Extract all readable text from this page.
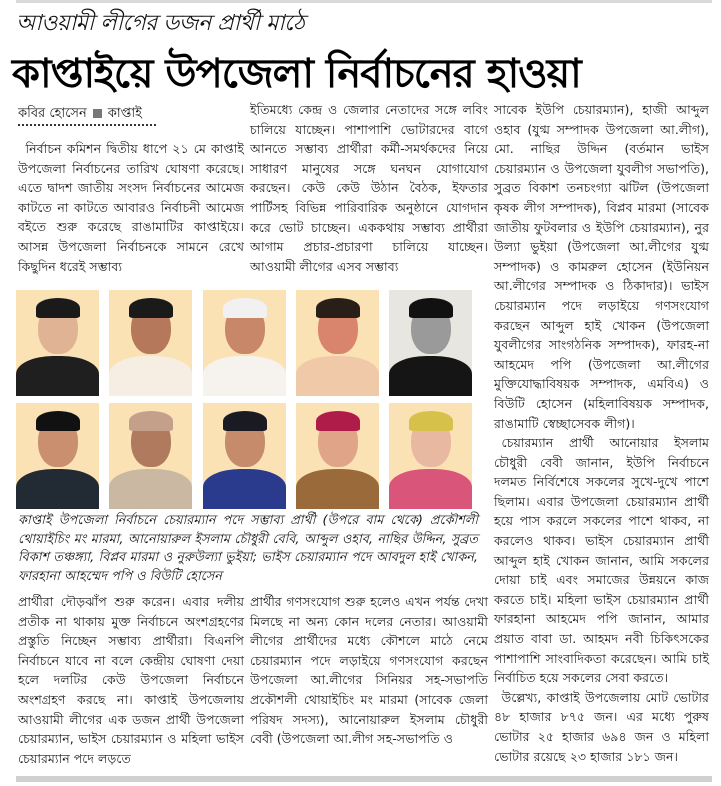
আওয়ামী লীগের ডজন প্রার্থী মাঠে
কাপ্তাইয়ে উপজেলা নির্বাচনের হাওয়া
কবির হোসেন কাপ্তাই

নির্বাচন কমিশন দ্বিতীয় ধাপে ২১ মে কাপ্তাই উপজেলা নির্বাচনের তারিখ ঘোষণা করেছে। এতে দ্বাদশ জাতীয় সংসদ নির্বাচনের আমেজ কাটতে না কাটতে আবারও নির্বাচনী আমেজ বইতে শুরু করেছে রাঙামাটির কাপ্তাইয়ে। আসন্ন উপজেলা নির্বাচনকে সামনে রেখে কিছুদিন ধরেই সম্ভাব্য

ইতিমধ্যে কেন্দ্র ও জেলার নেতাদের সঙ্গে লবিং চালিয়ে যাচ্ছেন। পাশাপাশি ভোটারদের বাগে আনতে সম্ভাব্য প্রার্থীরা কর্মী-সমর্থকদের নিয়ে সাধারণ মানুষের সঙ্গে ঘনঘন যোগাযোগ করছেন। কেউ কেউ উঠান বৈঠক, ইফতার পার্টিসহ বিভিন্ন পারিবারিক অনুষ্ঠানে যোগদান করে ভোট চাচ্ছেন। এককথায় সম্ভাব্য প্রার্থীরা আগাম প্রচার-প্রচারণা চালিয়ে যাচ্ছেন। আওয়ামী লীগের এসব সম্ভাব্য

সাবেক ইউপি চেয়ারম্যান), হাজী আব্দুল ওহাব (যুগ্ম সম্পাদক উপজেলা আ.লীগ), মো. নাছির উদ্দিন (বর্তমান ভাইস চেয়ারম্যান ও উপজেলা যুবলীগ সভাপতি), সুব্রত বিকাশ তনচংগ্যা ঝটিল (উপজেলা কৃষক লীগ সম্পাদক), বিপ্লব মারমা (সাবেক জাতীয় ফুটবলার ও ইউপি চেয়ারম্যান), নুর উল্যা ভুইয়া (উপজেলা আ.লীগের যুগ্ম সম্পাদক) ও কামরুল হোসেন (ইউনিয়ন আ.লীগের সম্পাদক ও ঠিকাদার)। ভাইস চেয়ারম্যান পদে লড়াইয়ে গণসংযোগ করছেন আব্দুল হাই খোকন (উপজেলা যুবলীগের সাংগঠনিক সম্পাদক), ফারহ-না আহমেদ পপি (উপজেলা আ.লীগের মুক্তিযোদ্ধাবিষয়ক সম্পাদক, এমবিএ) ও বিউটি হোসেন (মহিলাবিষয়ক সম্পাদক, রাঙামাটি স্বেচ্ছাসেবক লীগ)।

চেয়ারম্যান প্রার্থী আনোয়ার ইসলাম চৌধুরী বেবী জানান, ইউপি নির্বাচনে দলমত নির্বিশেষে সকলের সুখে-দুখে পাশে ছিলাম। এবার উপজেলা চেয়ারম্যান প্রার্থী হয়ে পাস করলে সকলের পাশে থাকব, না করলেও থাকব। ভাইস চেয়ারম্যান প্রার্থী আব্দুল হাই খোকন জানান, আমি সকলের দোয়া চাই এবং সমাজের উন্নয়নে কাজ করতে চাই। মহিলা ভাইস চেয়ারম্যান প্রার্থী ফারহানা আহমেদ পপি জানান, আমার প্রয়াত বাবা ডা. আহমদ নবী চিকিৎসকের পাশাপাশি সাংবাদিকতা করেছেন। আমি চাই নির্বাচিত হয়ে সকলের সেবা করতে।

উল্লেখ্য, কাপ্তাই উপজেলায় মোট ভোটার ৪৮ হাজার ৮৭৫ জন। এর মধ্যে পুরুষ ভোটার ২৫ হাজার ৬৯৪ জন ও মহিলা ভোটার রয়েছে ২৩ হাজার ১৮১ জন।

কাপ্তাই উপজেলা নির্বাচনে চেয়ারম্যান পদে সম্ভাব্য প্রার্থী (উপরে বাম থেকে) প্রকৌশলী থোয়াইচিং মং মারমা, আনোয়ারুল ইসলাম চৌধুরী বেবি, আব্দুল ওহাব, নাছির উদ্দিন, সুব্রত বিকাশ তঞ্চঙ্গ্যা, বিপ্লব মারমা ও নুরুউল্যা ভুইয়া; ভাইস চেয়ারম্যান পদে আবদুল হাই খোকন, ফারহানা আহম্মেদ পপি ও বিউটি হোসেন

প্রার্থীরা দৌড়ঝাঁপ শুরু করেন। এবার দলীয় প্রতীক না থাকায় মুক্ত নির্বাচনে অংশগ্রহণের প্রস্তুতি নিচ্ছেন সম্ভাব্য প্রার্থীরা। বিএনপি নির্বাচনে যাবে না বলে কেন্দ্রীয় ঘোষণা দেয়া হলে দলটির কেউ উপজেলা নির্বাচনে অংশগ্রহণ করছে না। কাপ্তাই উপজেলায় আওয়ামী লীগের এক ডজন প্রার্থী উপজেলা চেয়ারম্যান, ভাইস চেয়ারম্যান ও মহিলা ভাইস চেয়ারম্যান পদে লড়তে

প্রার্থীর গণসংযোগ শুরু হলেও এখন পর্যন্ত দেখা মিলছে না অন্য কোন দলের নেতার। আওয়ামী লীগের প্রার্থীদের মধ্যে কৌশলে মাঠে নেমে চেয়ারম্যান পদে লড়াইয়ে গণসংযোগ করছেন উপজেলা আ.লীগের সিনিয়র সহ-সভাপতি প্রকৌশলী থোয়াইচিং মং মারমা (সাবেক জেলা পরিষদ সদস্য), আনোয়ারুল ইসলাম চৌধুরী বেবী (উপজেলা আ.লীগ সহ-সভাপতি ও
